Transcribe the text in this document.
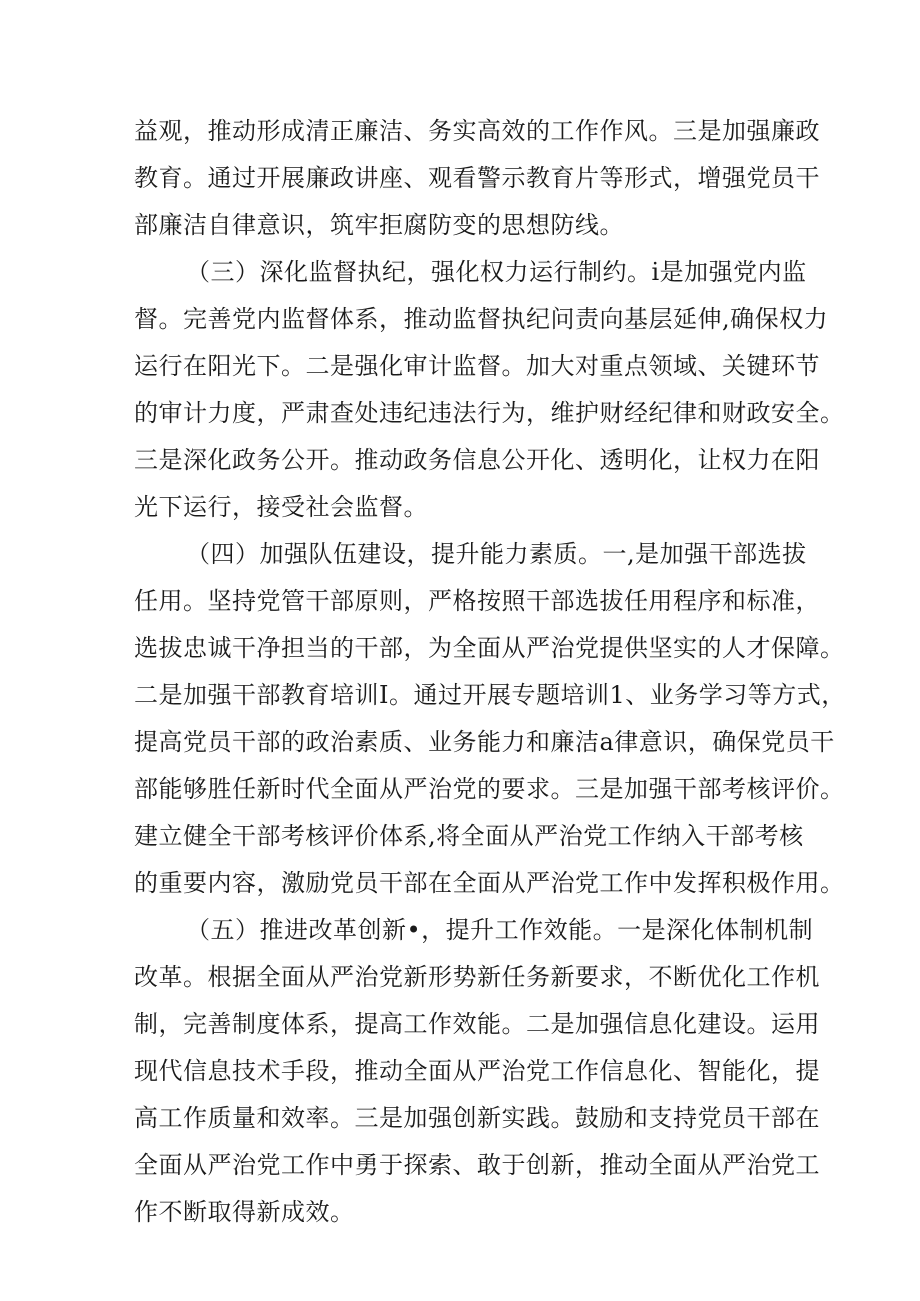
益观，推动形成清正廉洁、务实高效的工作作风。三是加强廉政
教育。通过开展廉政讲座、观看警示教育片等形式，增强党员干
部廉洁自律意识，筑牢拒腐防变的思想防线。
（三）深化监督执纪，强化权力运行制约。i是加强党内监
督。完善党内监督体系，推动监督执纪问责向基层延伸,确保权力
运行在阳光下。二是强化审计监督。加大对重点领域、关键环节
的审计力度，严肃查处违纪违法行为，维护财经纪律和财政安全。
三是深化政务公开。推动政务信息公开化、透明化，让权力在阳
光下运行，接受社会监督。
（四）加强队伍建设，提升能力素质。一,是加强干部选拔
任用。坚持党管干部原则，严格按照干部选拔任用程序和标准，
选拔忠诚干净担当的干部，为全面从严治党提供坚实的人才保障。
二是加强干部教育培训I。通过开展专题培训1、业务学习等方式，
提高党员干部的政治素质、业务能力和廉洁a律意识，确保党员干
部能够胜任新时代全面从严治党的要求。三是加强干部考核评价。
建立健全干部考核评价体系,将全面从严治党工作纳入干部考核
的重要内容，激励党员干部在全面从严治党工作中发挥积极作用。
（五）推进改革创新•，提升工作效能。一是深化体制机制
改革。根据全面从严治党新形势新任务新要求，不断优化工作机
制，完善制度体系，提高工作效能。二是加强信息化建设。运用
现代信息技术手段，推动全面从严治党工作信息化、智能化，提
高工作质量和效率。三是加强创新实践。鼓励和支持党员干部在
全面从严治党工作中勇于探索、敢于创新，推动全面从严治党工
作不断取得新成效。
